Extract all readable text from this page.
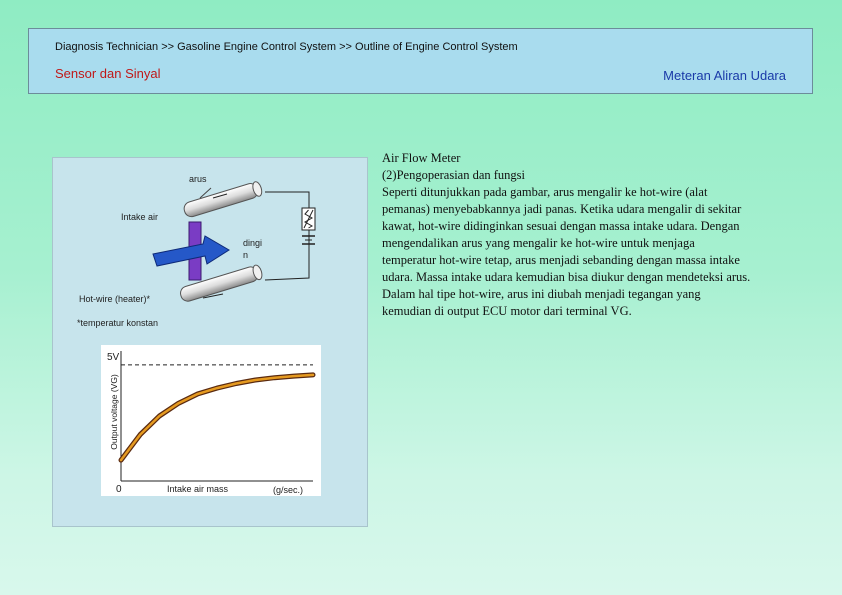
Diagnosis Technician >> Gasoline Engine Control System >> Outline of Engine Control System
Sensor dan Sinyal	Meteran Aliran Udara
arus
Intake air
dingi
n
Hot-wire (heater)*
*temperatur konstan
5V
0	Intake air mass	(g/sec.)
Output voltage (VG)
Air Flow Meter
(2)Pengoperasian dan fungsi
Seperti ditunjukkan pada gambar, arus mengalir ke hot-wire (alat
pemanas) menyebabkannya jadi panas. Ketika udara mengalir di sekitar
kawat, hot-wire didinginkan sesuai dengan massa intake udara. Dengan
mengendalikan arus yang mengalir ke hot-wire untuk menjaga
temperatur hot-wire tetap, arus menjadi sebanding dengan massa intake
udara. Massa intake udara kemudian bisa diukur dengan mendeteksi arus.
Dalam hal tipe hot-wire, arus ini diubah menjadi tegangan yang
kemudian di output ECU motor dari terminal VG.
